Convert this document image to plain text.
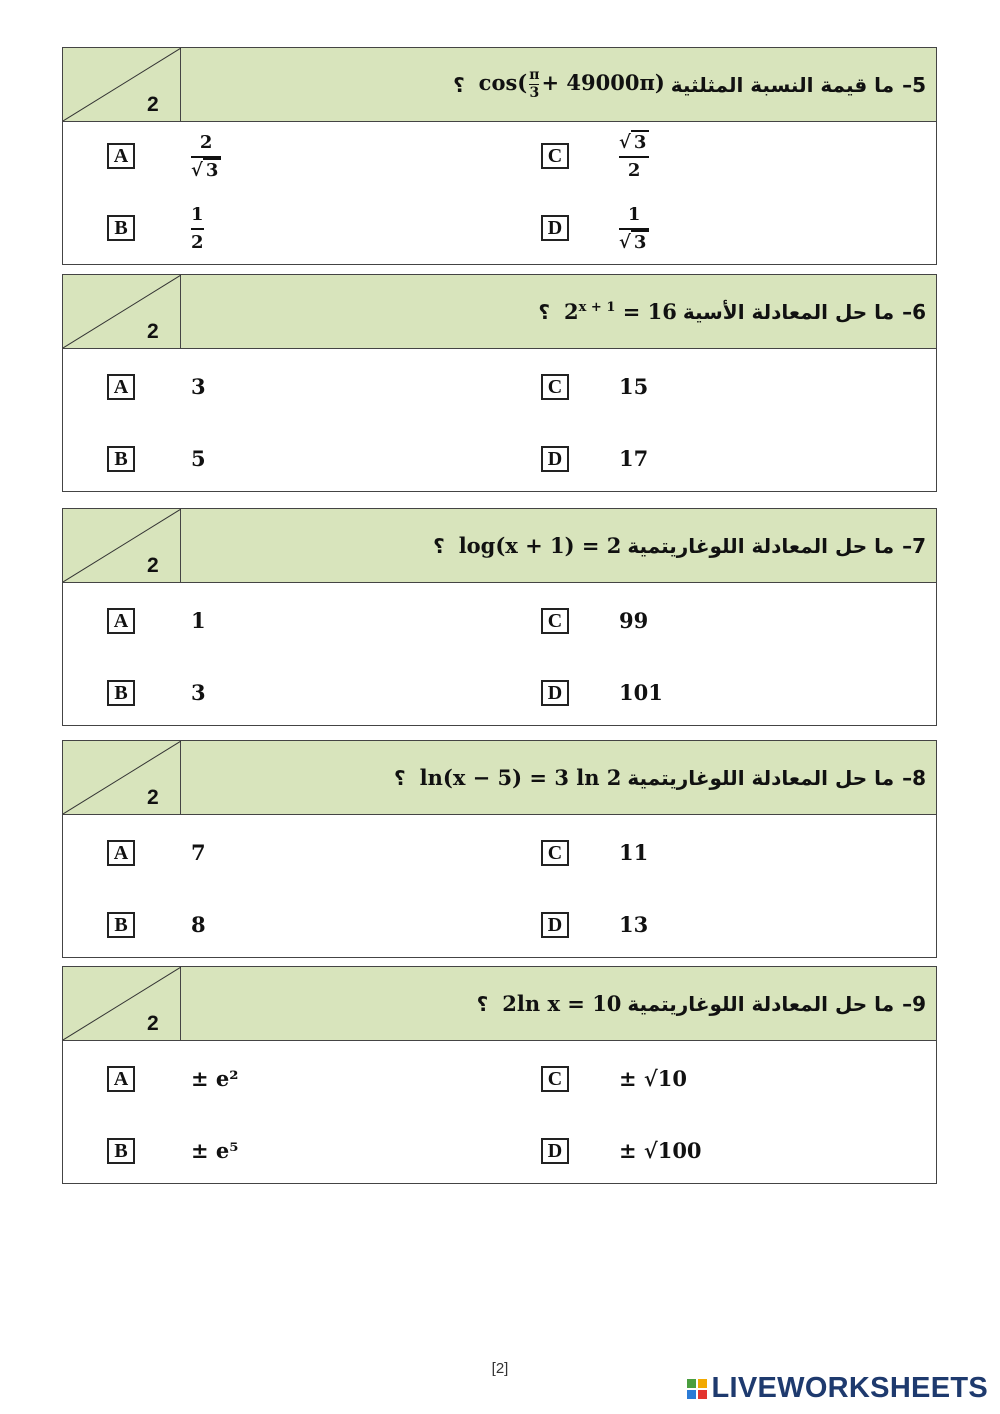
2
5
–
ما قيمة النسبة المثلثية
$\cos( \frac{\pi}{3} + 49000\pi)$
؟
A	$\frac{2}{√ 3}$	C	$\frac{√ 3}{2}$
B	$\frac{1}{2}$	D	$\frac{1}{√ 3}$
2
6
–
ما حل المعادلة الأسية
$2^{x + 1} = 16$
؟
A	3	C	15
B	5	D	17
2
7
–
ما حل المعادلة اللوغاريتمية
log(x + 1) = 2
؟
A	1	C	99
B	3	D	101
2
8
–
ما حل المعادلة اللوغاريتمية
ln(x − 5) = 3 ln 2
؟
A	7	C	11
B	8	D	13
2
9
–
ما حل المعادلة اللوغاريتمية
2ln x = 10
؟
A	± e²	C	± √10
B	± e⁵	D	± √100
[2]
LIVEWORKSHEETS
